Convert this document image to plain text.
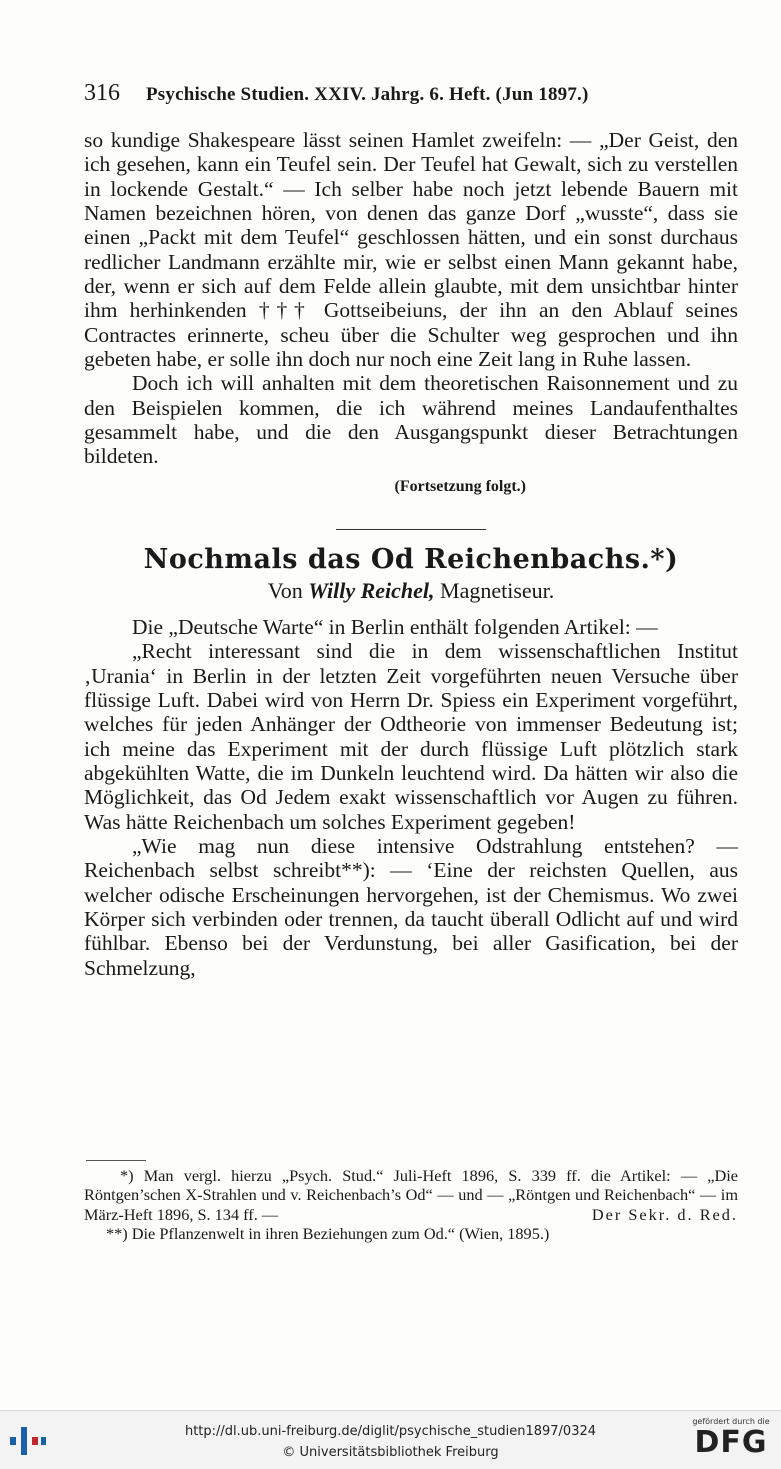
316 Psychische Studien. XXIV. Jahrg. 6. Heft. (Jun 1897.)

so kundige Shakespeare lässt seinen Hamlet zweifeln: — „Der Geist, den ich gesehen, kann ein Teufel sein. Der Teufel hat Gewalt, sich zu verstellen in lockende Gestalt.“ — Ich selber habe noch jetzt lebende Bauern mit Namen bezeichnen hören, von denen das ganze Dorf „wusste“, dass sie einen „Packt mit dem Teufel“ geschlossen hätten, und ein sonst durchaus redlicher Landmann erzählte mir, wie er selbst einen Mann gekannt habe, der, wenn er sich auf dem Felde allein glaubte, mit dem unsichtbar hinter ihm herhinkenden ††† Gottseibeiuns, der ihn an den Ablauf seines Contractes erinnerte, scheu über die Schulter weg gesprochen und ihn gebeten habe, er solle ihn doch nur noch eine Zeit lang in Ruhe lassen.

Doch ich will anhalten mit dem theoretischen Raisonnement und zu den Beispielen kommen, die ich während meines Landaufenthaltes gesammelt habe, und die den Ausgangspunkt dieser Betrachtungen bildeten.

(Fortsetzung folgt.)

Nochmals das Od Reichenbachs.*)

Von Willy Reichel, Magnetiseur.

Die „Deutsche Warte“ in Berlin enthält folgenden Artikel: —

„Recht interessant sind die in dem wissenschaftlichen Institut ‚Urania‘ in Berlin in der letzten Zeit vorgeführten neuen Versuche über flüssige Luft. Dabei wird von Herrn Dr. Spiess ein Experiment vorgeführt, welches für jeden Anhänger der Odtheorie von immenser Bedeutung ist; ich meine das Experiment mit der durch flüssige Luft plötzlich stark abgekühlten Watte, die im Dunkeln leuchtend wird. Da hätten wir also die Möglichkeit, das Od Jedem exakt wissenschaftlich vor Augen zu führen. Was hätte Reichenbach um solches Experiment gegeben!

„Wie mag nun diese intensive Odstrahlung entstehen? — Reichenbach selbst schreibt**): — ‘Eine der reichsten Quellen, aus welcher odische Erscheinungen hervorgehen, ist der Chemismus. Wo zwei Körper sich verbinden oder trennen, da taucht überall Odlicht auf und wird fühlbar. Ebenso bei der Verdunstung, bei aller Gasification, bei der Schmelzung,

*) Man vergl. hierzu „Psych. Stud.“ Juli-Heft 1896, S. 339 ff. die Artikel: — „Die Röntgen’schen X-Strahlen und v. Reichenbach’s Od“ — und — „Röntgen und Reichenbach“ — im März-Heft 1896, S. 134 ff. —	Der Sekr. d. Red.

**) Die Pflanzenwelt in ihren Beziehungen zum Od.“ (Wien, 1895.)

http://dl.ub.uni-freiburg.de/diglit/psychische_studien1897/0324
© Universitätsbibliothek Freiburg
gefördert durch die
DFG
